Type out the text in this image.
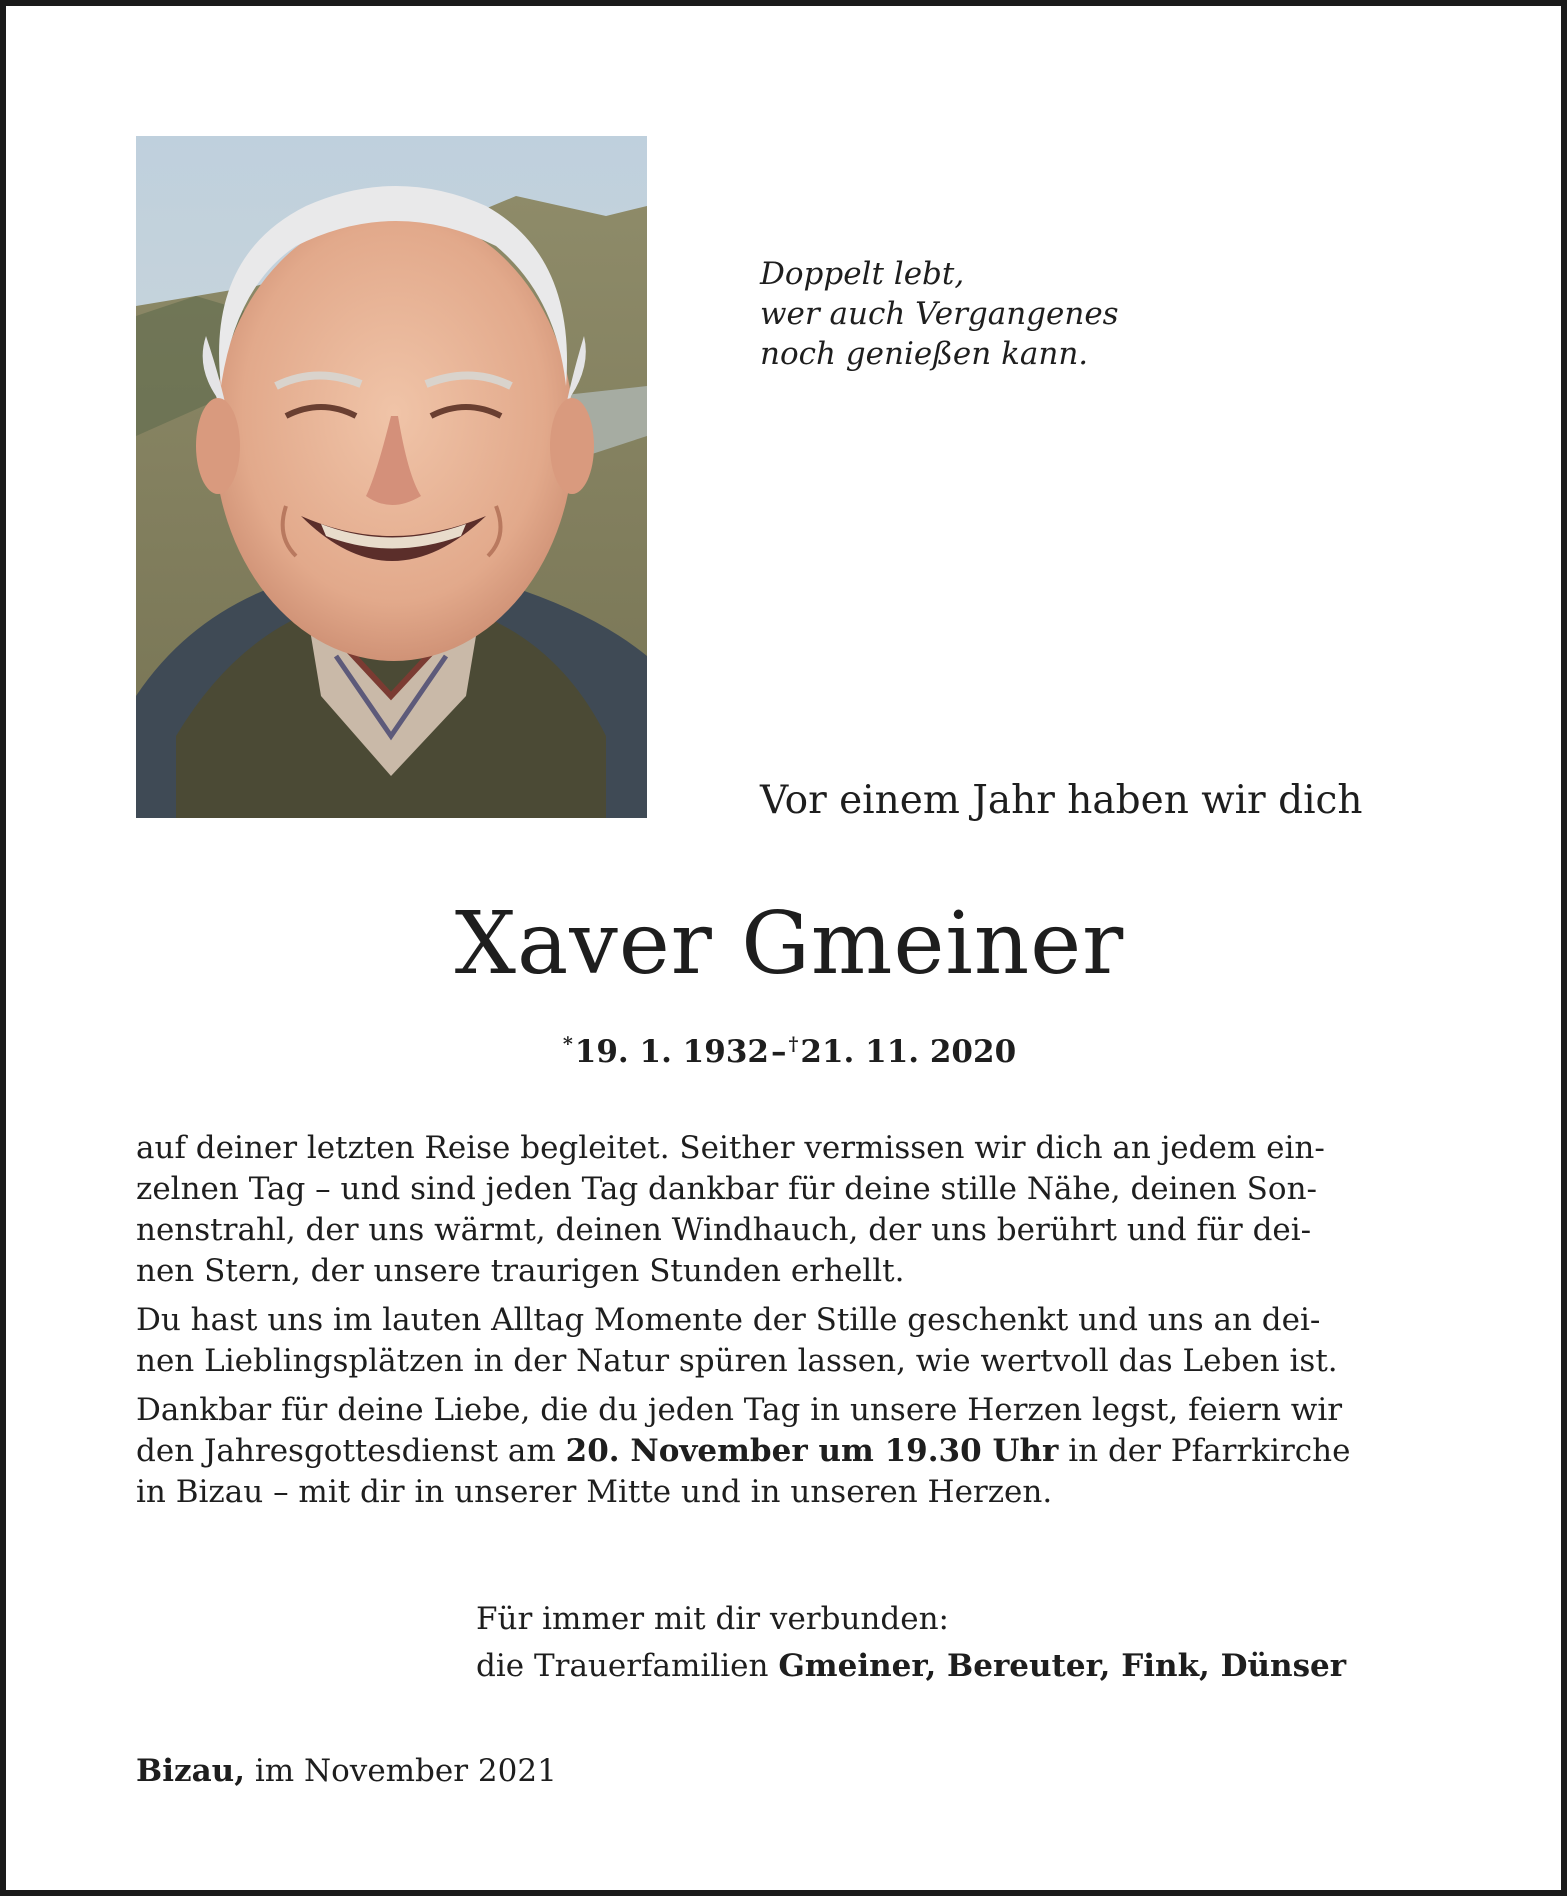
Doppelt lebt,
wer auch Vergangenes
noch genießen kann.
Vor einem Jahr haben wir dich
Xaver Gmeiner
*19. 1. 1932– †21. 11. 2020
auf deiner letzten Reise begleitet. Seither vermissen wir dich an jedem ein-
zelnen Tag – und sind jeden Tag dankbar für deine stille Nähe, deinen Son-
nenstrahl, der uns wärmt, deinen Windhauch, der uns berührt und für dei-
nen Stern, der unsere traurigen Stunden erhellt.
Du hast uns im lauten Alltag Momente der Stille geschenkt und uns an dei-
nen Lieblingsplätzen in der Natur spüren lassen, wie wertvoll das Leben ist.
Dankbar für deine Liebe, die du jeden Tag in unsere Herzen legst, feiern wir
den Jahresgottesdienst am 20. November um 19.30 Uhr in der Pfarrkirche
in Bizau – mit dir in unserer Mitte und in unseren Herzen.
Für immer mit dir verbunden:
die Trauerfamilien Gmeiner, Bereuter, Fink, Dünser
Bizau, im November 2021
